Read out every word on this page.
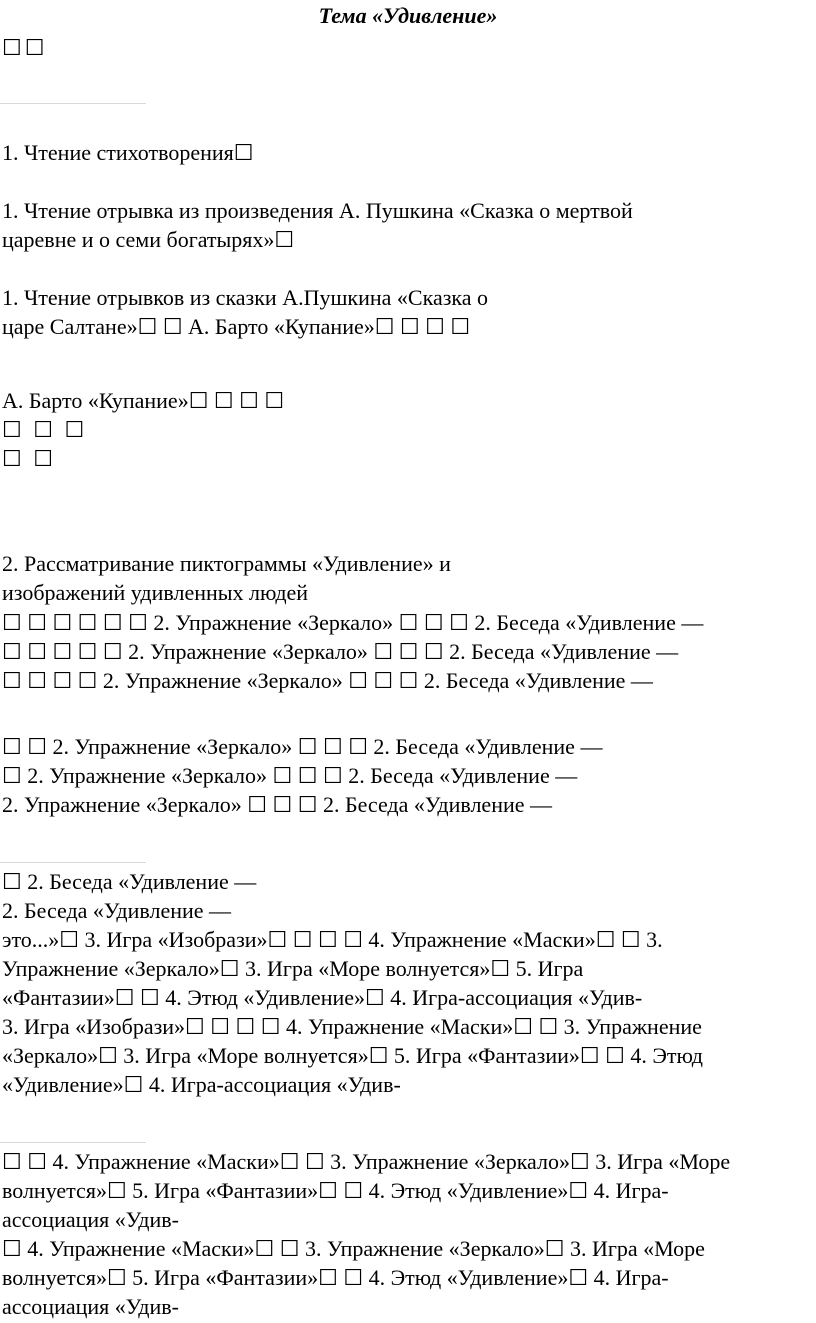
Тема «Удивление»
☐☐
1. Чтение стихотворения☐
1. Чтение отрывка из произведения А. Пушкина «Сказка о мертвой
царевне и о семи богатырях»☐
1. Чтение отрывков из сказки А.Пушкина «Сказка о
царе Салтане»☐ ☐ А. Барто «Купание»☐ ☐ ☐ ☐
А. Барто «Купание»☐ ☐ ☐ ☐
☐ ☐ ☐
☐ ☐
2. Рассматривание пиктограммы «Удивление» и
изображений удивленных людей
☐ ☐ ☐ ☐ ☐ ☐ 2. Упражнение «Зеркало» ☐ ☐ ☐ 2. Беседа «Удивление —
☐ ☐ ☐ ☐ ☐ 2. Упражнение «Зеркало» ☐ ☐ ☐ 2. Беседа «Удивление —
☐ ☐ ☐ ☐ 2. Упражнение «Зеркало» ☐ ☐ ☐ 2. Беседа «Удивление —
☐ ☐ 2. Упражнение «Зеркало» ☐ ☐ ☐ 2. Беседа «Удивление —
☐ 2. Упражнение «Зеркало» ☐ ☐ ☐ 2. Беседа «Удивление —
2. Упражнение «Зеркало» ☐ ☐ ☐ 2. Беседа «Удивление —
☐ 2. Беседа «Удивление —
2. Беседа «Удивление —
это...»☐ 3. Игра «Изобрази»☐ ☐ ☐ ☐ 4. Упражнение «Маски»☐ ☐ 3.
Упражнение «Зеркало»☐ 3. Игра «Море волнуется»☐ 5. Игра
«Фантазии»☐ ☐ 4. Этюд «Удивление»☐ 4. Игра-ассоциация «Удив-
3. Игра «Изобрази»☐ ☐ ☐ ☐ 4. Упражнение «Маски»☐ ☐ 3. Упражнение
«Зеркало»☐ 3. Игра «Море волнуется»☐ 5. Игра «Фантазии»☐ ☐ 4. Этюд
«Удивление»☐ 4. Игра-ассоциация «Удив-
☐ ☐ 4. Упражнение «Маски»☐ ☐ 3. Упражнение «Зеркало»☐ 3. Игра «Море
волнуется»☐ 5. Игра «Фантазии»☐ ☐ 4. Этюд «Удивление»☐ 4. Игра-
ассоциация «Удив-
☐ 4. Упражнение «Маски»☐ ☐ 3. Упражнение «Зеркало»☐ 3. Игра «Море
волнуется»☐ 5. Игра «Фантазии»☐ ☐ 4. Этюд «Удивление»☐ 4. Игра-
ассоциация «Удив-
